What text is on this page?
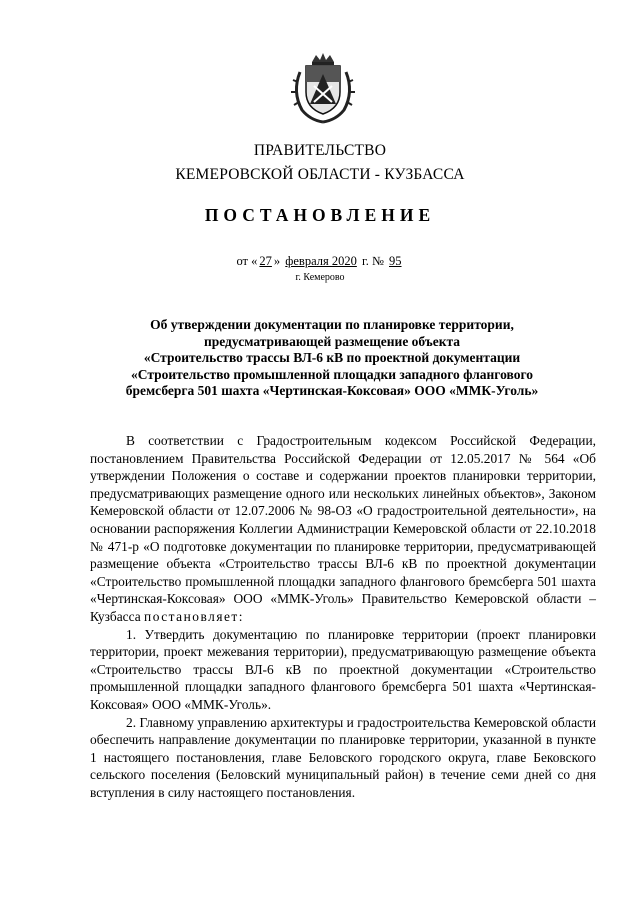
ПРАВИТЕЛЬСТВО
КЕМЕРОВСКОЙ ОБЛАСТИ - КУЗБАССА
ПОСТАНОВЛЕНИЕ
от « 27 » февраля 2020 г. № 95
г. Кемерово
Об утверждении документации по планировке территории,
предусматривающей размещение объекта
«Строительство трассы ВЛ-6 кВ по проектной документации
«Строительство промышленной площадки западного флангового
бремсберга 501 шахта «Чертинская-Коксовая» ООО «ММК-Уголь»

В соответствии с Градостроительным кодексом Российской Федерации, постановлением Правительства Российской Федерации от 12.05.2017 № 564 «Об утверждении Положения о составе и содержании проектов планировки территории, предусматривающих размещение одного или нескольких линейных объектов», Законом Кемеровской области от 12.07.2006 № 98-ОЗ «О градостроительной деятельности», на основании распоряжения Коллегии Администрации Кемеровской области от 22.10.2018 № 471-р «О подготовке документации по планировке территории, предусматривающей размещение объекта «Строительство трассы ВЛ-6 кВ по проектной документации «Строительство промышленной площадки западного флангового бремсберга 501 шахта «Чертинская-Коксовая» ООО «ММК-Уголь» Правительство Кемеровской области – Кузбасса постановляет:

1. Утвердить документацию по планировке территории (проект планировки территории, проект межевания территории), предусматривающую размещение объекта «Строительство трассы ВЛ-6 кВ по проектной документации «Строительство промышленной площадки западного флангового бремсберга 501 шахта «Чертинская-Коксовая» ООО «ММК-Уголь».

2. Главному управлению архитектуры и градостроительства Кемеровской области обеспечить направление документации по планировке территории, указанной в пункте 1 настоящего постановления, главе Беловского городского округа, главе Бековского сельского поселения (Беловский муниципальный район) в течение семи дней со дня вступления в силу настоящего постановления.
